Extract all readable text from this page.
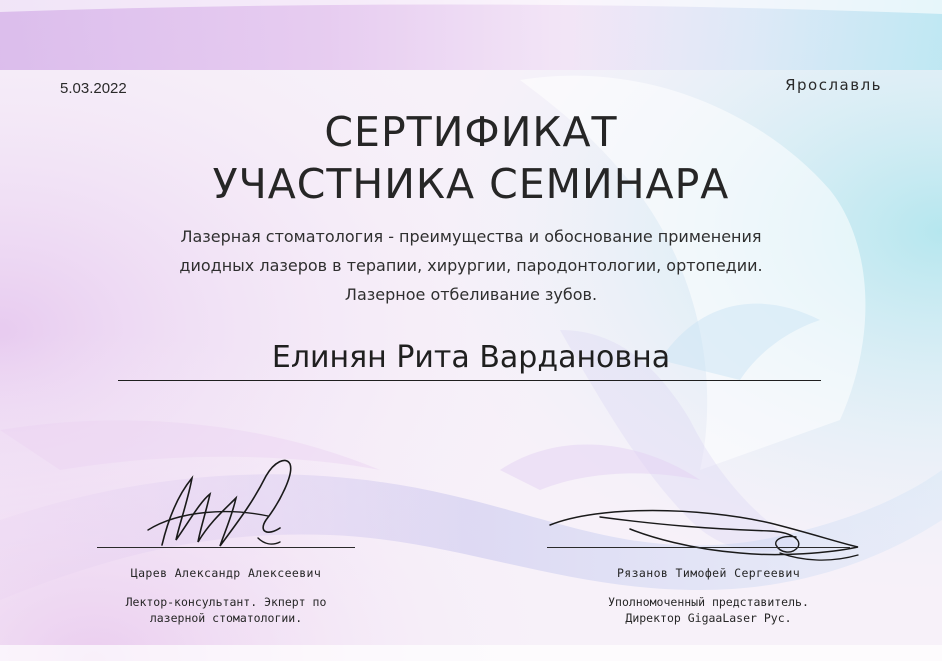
5.03.2022	Ярославль
СЕРТИФИКАТ
УЧАСТНИКА СЕМИНАРА
Лазерная стоматология - преимущества и обоснование применения
диодных лазеров в терапии, хирургии, пародонтологии, ортопедии.
Лазерное отбеливание зубов.
Елинян Рита Вардановна
Царев Александр Алексеевич
Лектор-консультант. Экперт по
лазерной стоматологии.
Рязанов Тимофей Сергеевич
Уполномоченный представитель.
Директор GigaaLaser Рус.
